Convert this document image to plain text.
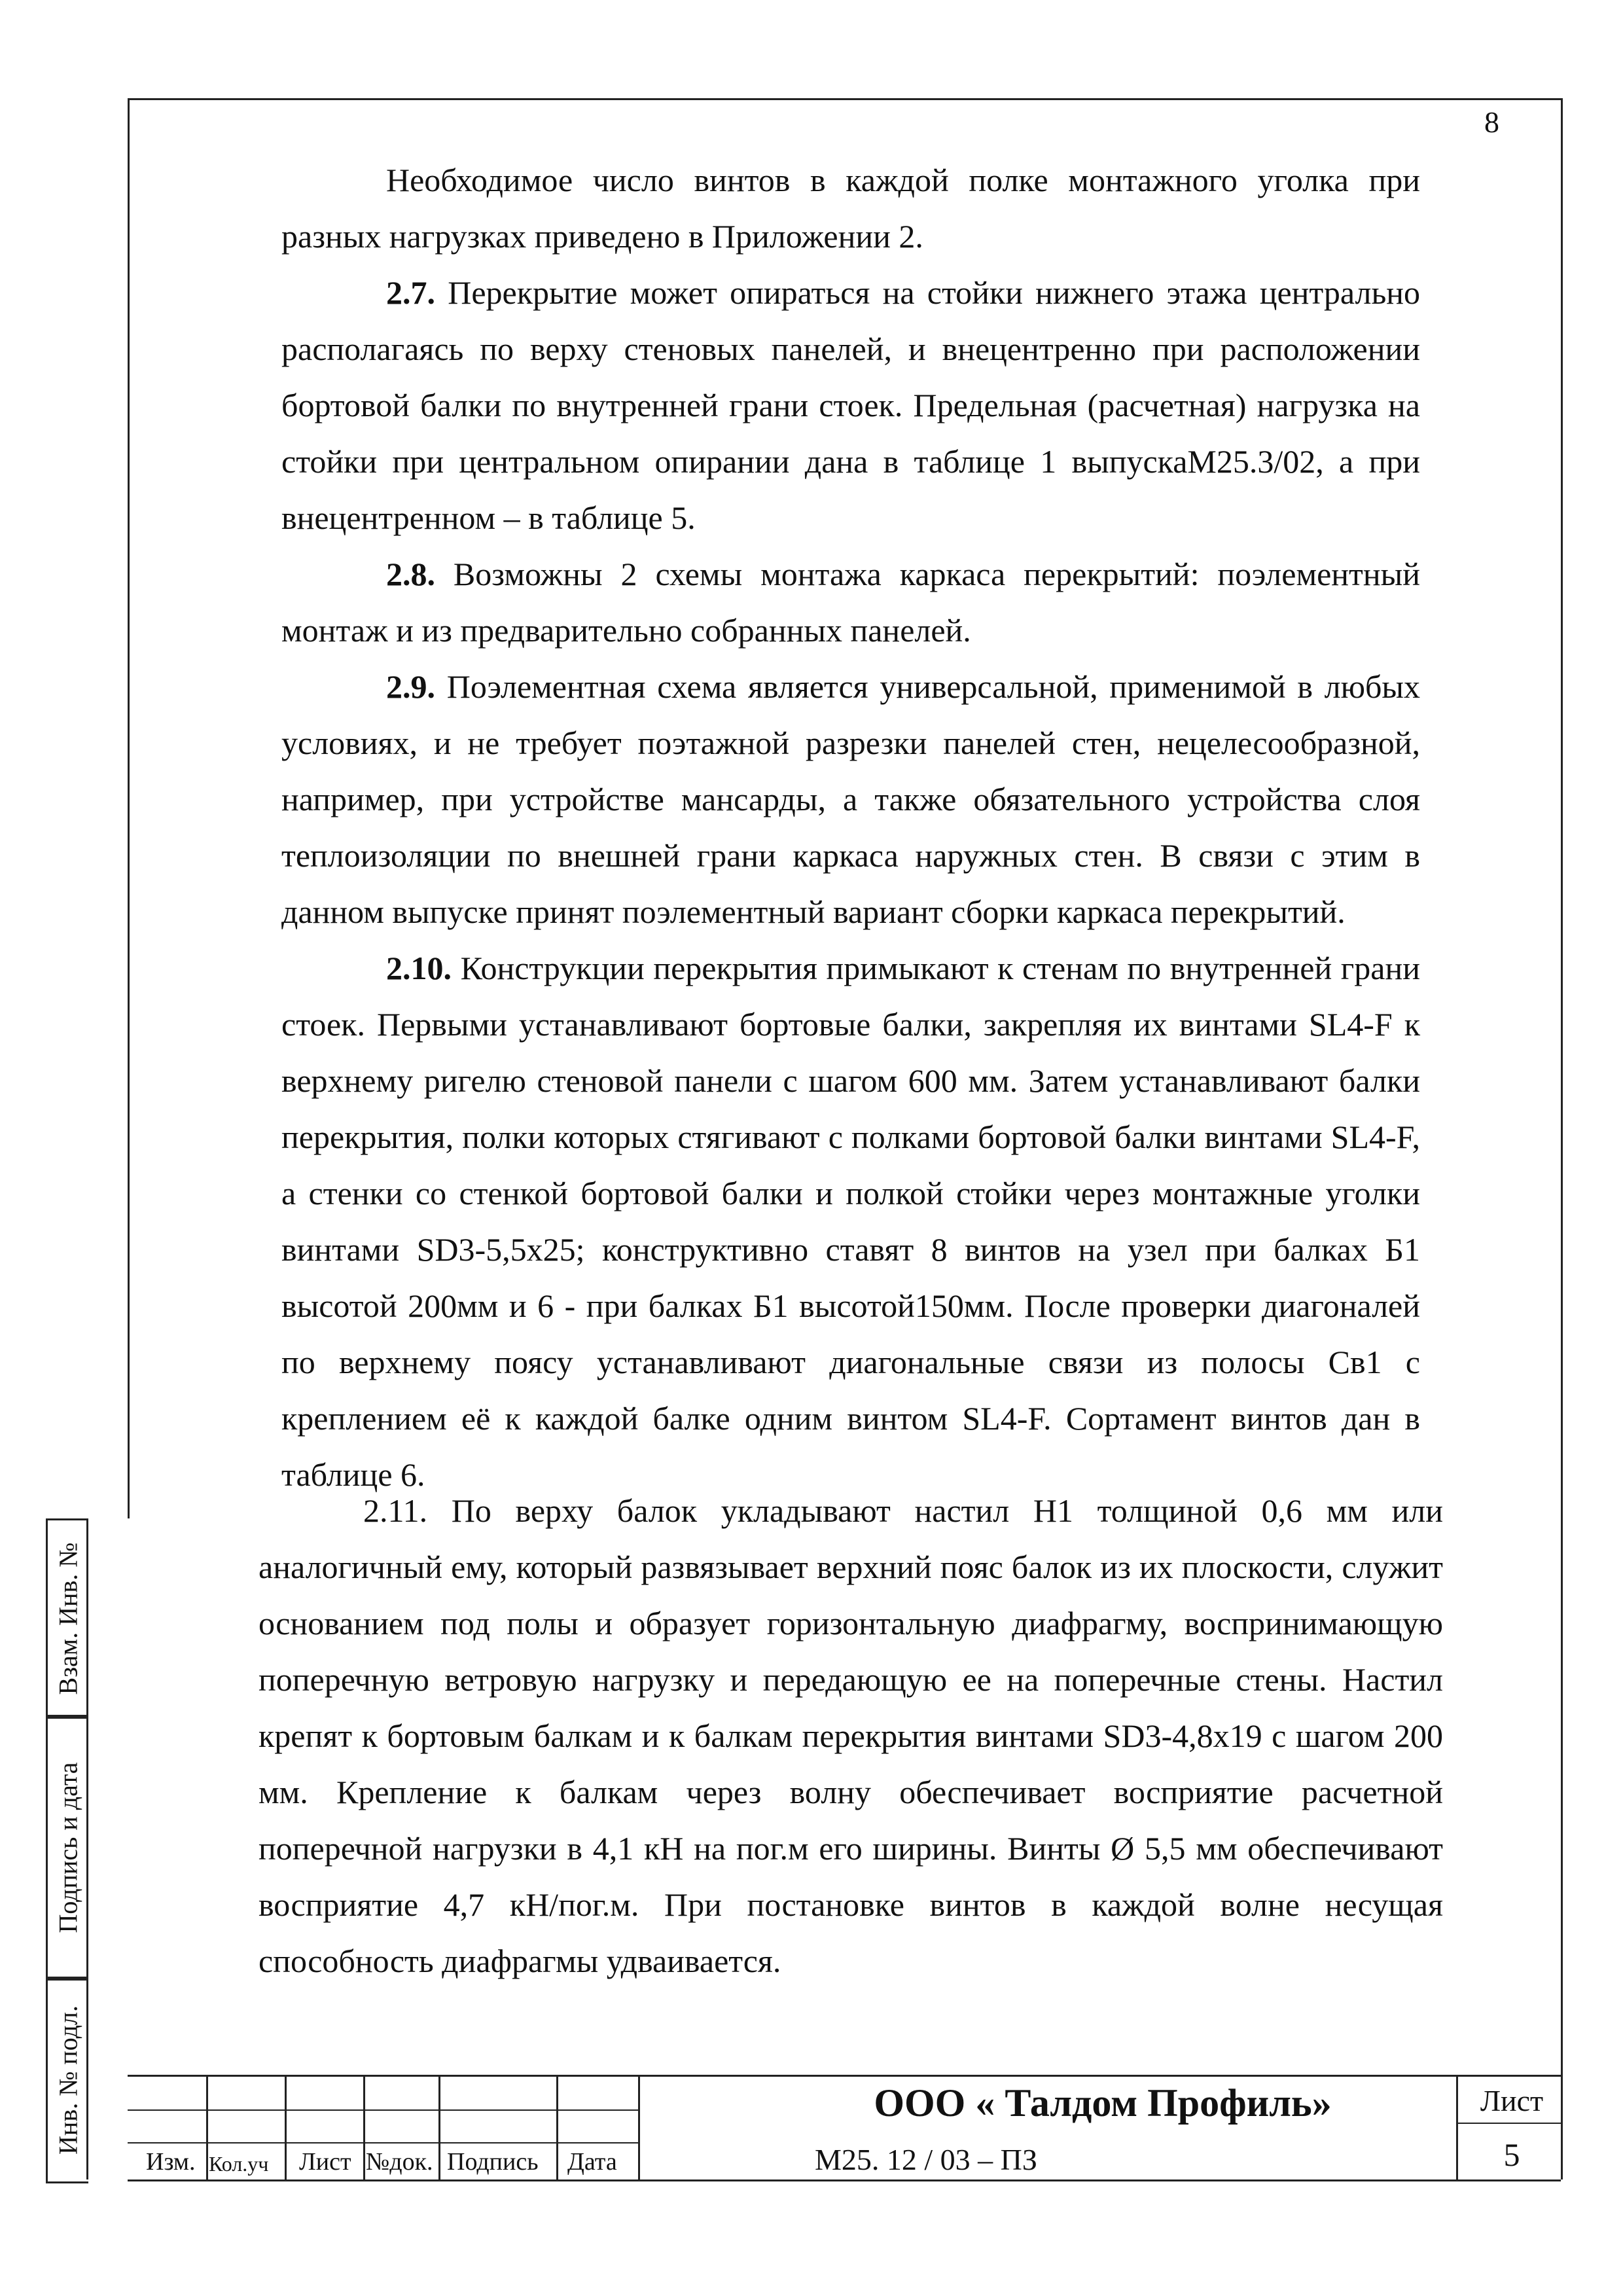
8

Необходимое число винтов в каждой полке монтажного уголка при разных нагрузках приведено в Приложении 2.

2.7. Перекрытие может опираться на стойки нижнего этажа центрально располагаясь по верху стеновых панелей, и внецентренно при расположении бортовой балки по внутренней грани стоек. Предельная (расчетная) нагрузка на стойки при центральном опирании дана в таблице 1 выпускаМ25.3/02, а при внецентренном – в таблице 5.

2.8. Возможны 2 схемы монтажа каркаса перекрытий: поэлементный монтаж и из предварительно собранных панелей.

2.9. Поэлементная схема является универсальной, применимой в любых условиях, и не требует поэтажной разрезки панелей стен, нецелесообразной, например, при устройстве мансарды, а также обязательного устройства слоя теплоизоляции по внешней грани каркаса наружных стен. В связи с этим в данном выпуске принят поэлементный вариант сборки каркаса перекрытий.

2.10. Конструкции перекрытия примыкают к стенам по внутренней грани стоек. Первыми устанавливают бортовые балки, закрепляя их винтами SL4-F к верхнему ригелю стеновой панели с шагом 600 мм. Затем устанавливают балки перекрытия, полки которых стягивают с полками бортовой балки винтами SL4-F, а стенки со стенкой бортовой балки и полкой стойки через монтажные уголки винтами SD3-5,5х25; конструктивно ставят 8 винтов на узел при балках Б1 высотой 200мм и 6 - при балках Б1 высотой150мм. После проверки диагоналей по верхнему поясу устанавливают диагональные связи из полосы Св1 с креплением её к каждой балке одним винтом SL4-F. Сортамент винтов дан в таблице 6.

2.11. По верху балок укладывают настил Н1 толщиной 0,6 мм или аналогичный ему, который развязывает верхний пояс балок из их плоскости, служит основанием под полы и образует горизонтальную диафрагму, воспринимающую поперечную ветровую нагрузку и передающую ее на поперечные стены. Настил крепят к бортовым балкам и к балкам перекрытия винтами SD3-4,8х19 с шагом 200 мм. Крепление к балкам через волну обеспечивает восприятие расчетной поперечной нагрузки в 4,1 кН на пог.м его ширины. Винты Ø 5,5 мм обеспечивают восприятие 4,7 кН/пог.м. При постановке винтов в каждой волне несущая способность диафрагмы удваивается.

Взам. Инв. №
Подпись и дата
Инв. № подл.
Изм. Кол.уч Лист №док. Подпись Дата
ООО « Талдом Профиль»
М25. 12 / 03 – ПЗ
Лист
5
